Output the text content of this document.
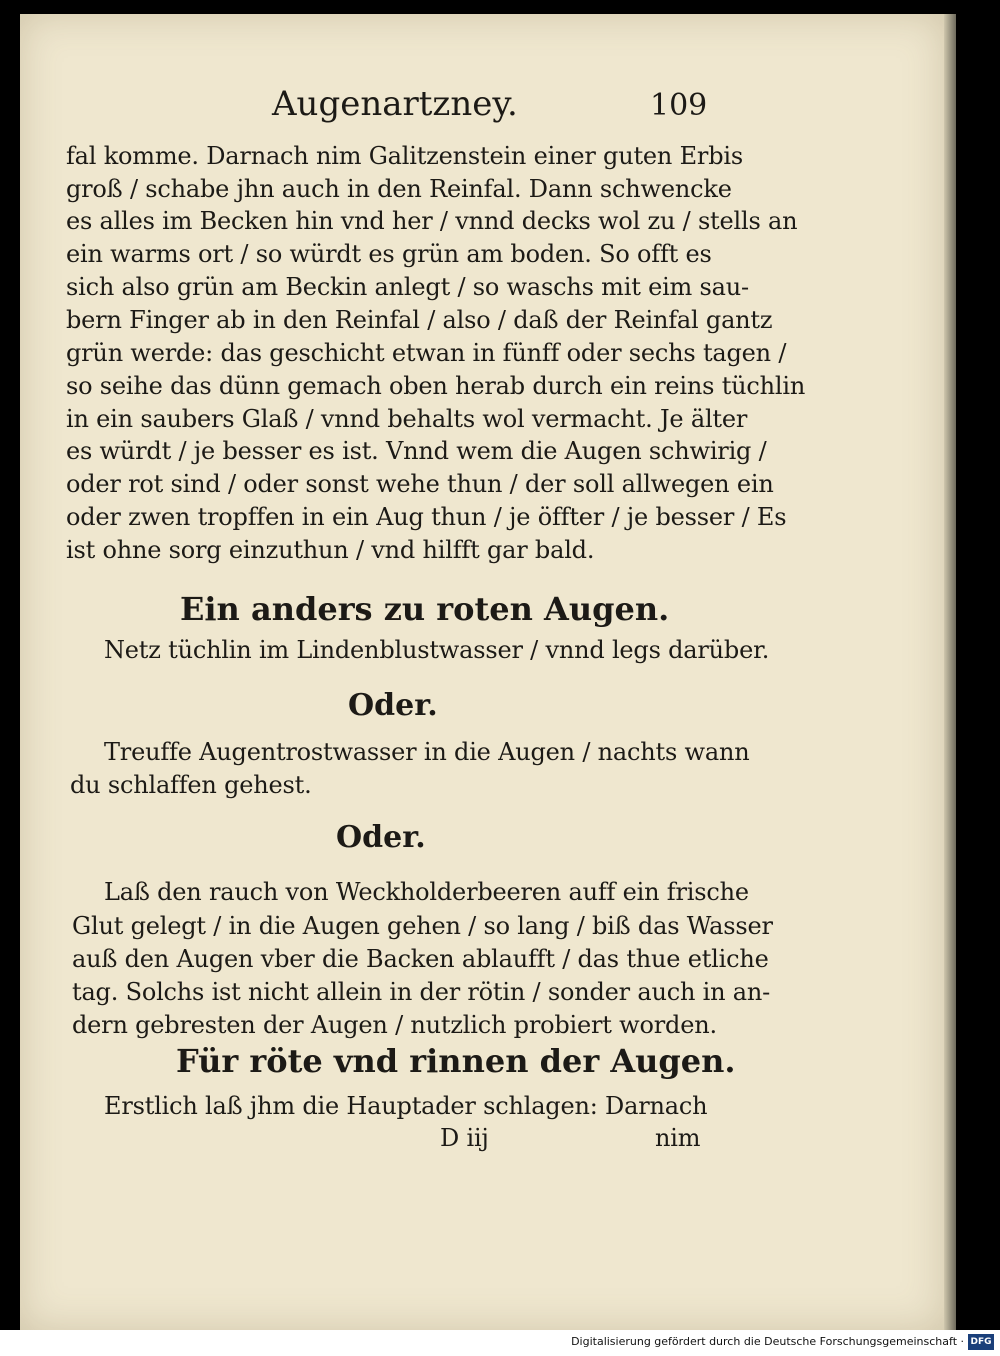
Augenartzney.	109
fal komme. Darnach nim Galitzenstein einer guten Erbis
groß / schabe jhn auch in den Reinfal. Dann schwencke
es alles im Becken hin vnd her / vnnd decks wol zu / stells an
ein warms ort / so würdt es grün am boden. So offt es
sich also grün am Beckin anlegt / so waschs mit eim sau-
bern Finger ab in den Reinfal / also / daß der Reinfal gantz
grün werde: das geschicht etwan in fünff oder sechs tagen /
so seihe das dünn gemach oben herab durch ein reins tüchlin
in ein saubers Glaß / vnnd behalts wol vermacht. Je älter
es würdt / je besser es ist. Vnnd wem die Augen schwirig /
oder rot sind / oder sonst wehe thun / der soll allwegen ein
oder zwen tropffen in ein Aug thun / je öffter / je besser / Es
ist ohne sorg einzuthun / vnd hilfft gar bald.
Ein anders zu roten Augen.
Netz tüchlin im Lindenblustwasser / vnnd legs darüber.
Oder.
Treuffe Augentrostwasser in die Augen / nachts wann
du schlaffen gehest.
Oder.
Laß den rauch von Weckholderbeeren auff ein frische
Glut gelegt / in die Augen gehen / so lang / biß das Wasser
auß den Augen vber die Backen ablaufft / das thue etliche
tag. Solchs ist nicht allein in der rötin / sonder auch in an-
dern gebresten der Augen / nutzlich probiert worden.
Für röte vnd rinnen der Augen.
Erstlich laß jhm die Hauptader schlagen: Darnach
D iij	nim
Digitalisierung gefördert durch die Deutsche Forschungsgemeinschaft · DFG
